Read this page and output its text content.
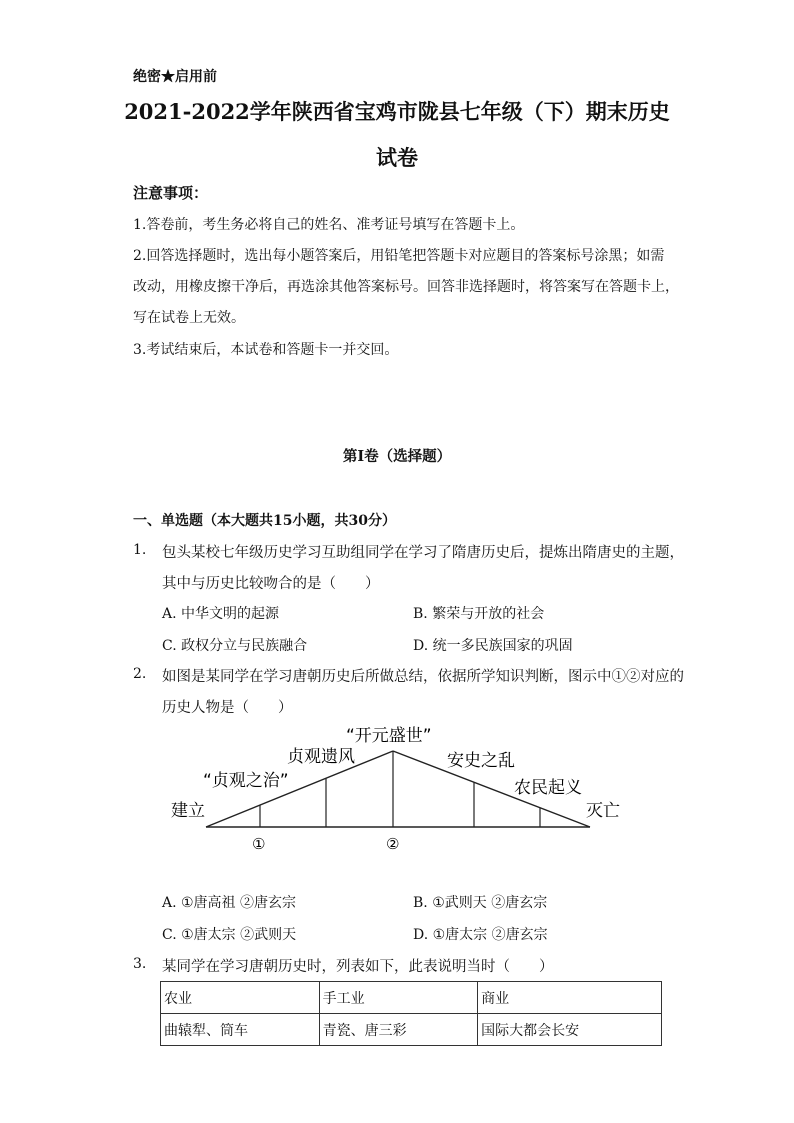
绝密★启用前
2021-2022学年陕西省宝鸡市陇县七年级（下）期末历史
试卷
注意事项：
1.答卷前，考生务必将自己的姓名、准考证号填写在答题卡上。
2.回答选择题时，选出每小题答案后，用铅笔把答题卡对应题目的答案标号涂黑；如需
改动，用橡皮擦干净后，再选涂其他答案标号。回答非选择题时，将答案写在答题卡上，
写在试卷上无效。
3.考试结束后，本试卷和答题卡一并交回。
第I卷（选择题）
一、单选题（本大题共15小题，共30分）
1. 包头某校七年级历史学习互助组同学在学习了隋唐历史后，提炼出隋唐史的主题，
其中与历史比较吻合的是（　　）
A. 中华文明的起源	B. 繁荣与开放的社会
C. 政权分立与民族融合	D. 统一多民族国家的巩固
2. 如图是某同学在学习唐朝历史后所做总结，依据所学知识判断，图示中①②对应的
历史人物是（　　）
建立
“贞观之治”
贞观遗风
“开元盛世”
安史之乱
农民起义
灭亡
①	②
A. ①唐高祖 ②唐玄宗	B. ①武则天 ②唐玄宗
C. ①唐太宗 ②武则天	D. ①唐太宗 ②唐玄宗
3. 某同学在学习唐朝历史时，列表如下，此表说明当时（　　）
农业	手工业	商业
曲辕犁、筒车	青瓷、唐三彩	国际大都会长安
